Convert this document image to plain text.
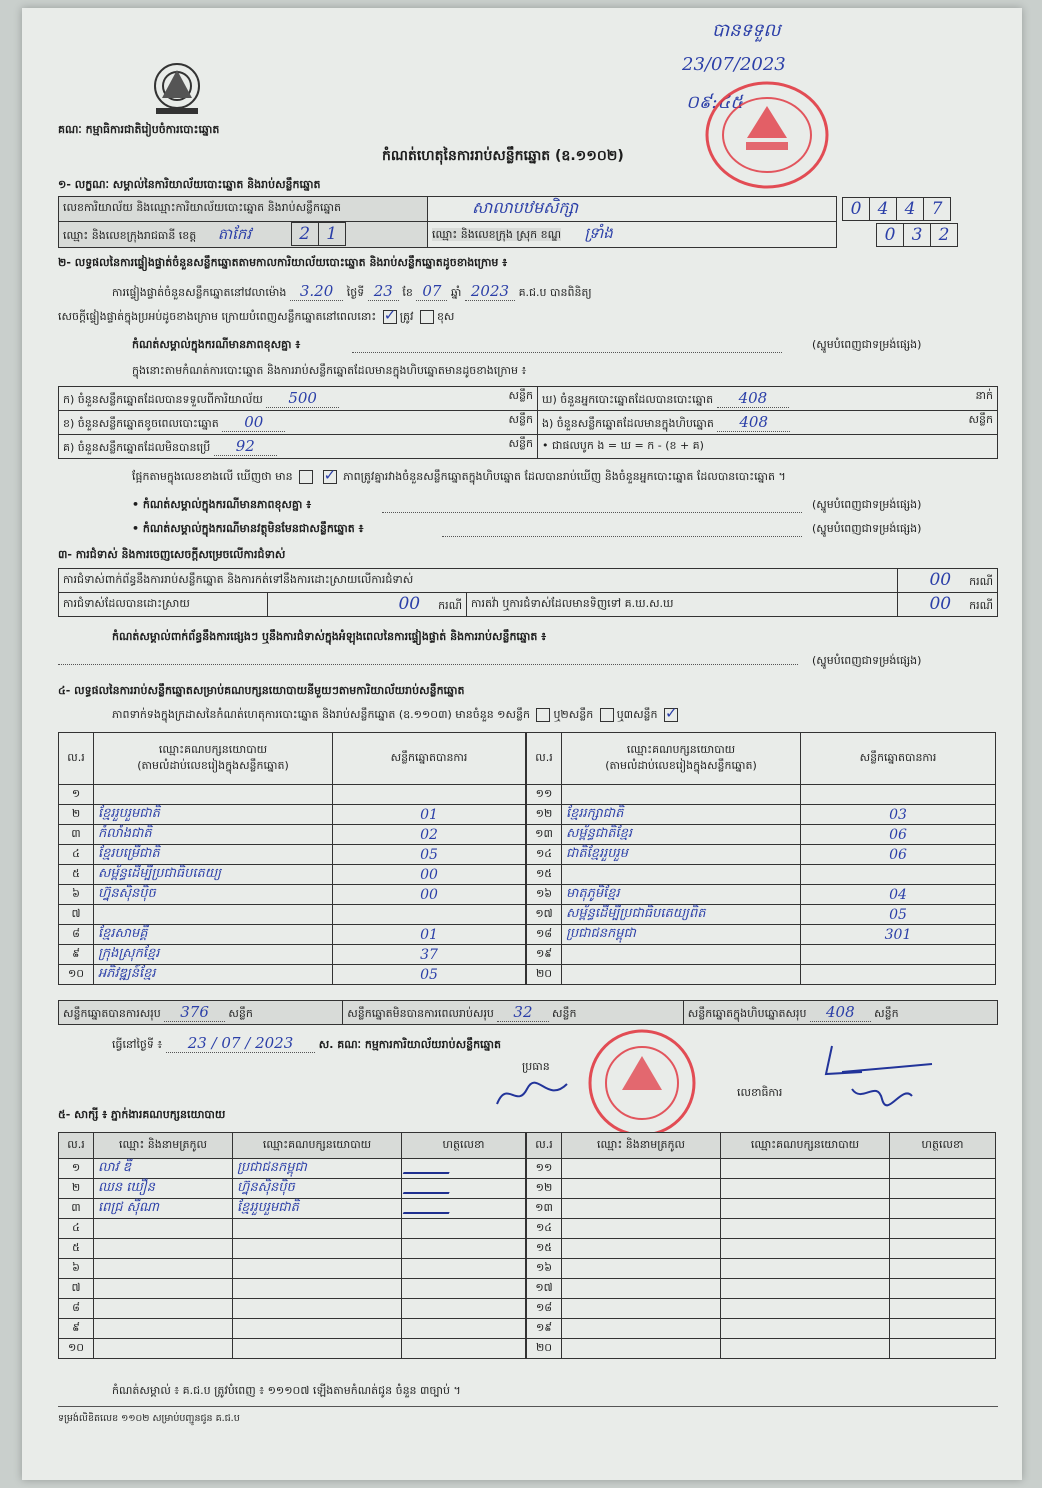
គណៈ កម្មាធិការជាតិរៀបចំការបោះឆ្នោត
បានទទួល
23/07/2023
០៩:៤៥
កំណត់ហេតុនៃការរាប់សន្លឹកឆ្នោត (ឧ.១១០២)
១- លក្ខណៈ សម្គាល់នៃការិយាល័យបោះឆ្នោត និងរាប់សន្លឹកឆ្នោត
លេខការិយាល័យ និងឈ្មោះការិយាល័យបោះឆ្នោត និងរាប់សន្លឹកឆ្នោត	សាលាបឋមសិក្សា	0 4 4 7
ឈ្មោះ និងលេខក្រុងរាជធានី ខេត្ត តាកែវ 2 1	ឈ្មោះ និងលេខក្រុង ស្រុក ខណ្ឌ ទ្រាំង	0 3 2
២- លទ្ធផលនៃការផ្ទៀងផ្ទាត់ចំនួនសន្លឹកឆ្នោតតាមកាលការិយាល័យបោះឆ្នោត និងរាប់សន្លឹកឆ្នោតដូចខាងក្រោម ៖
ការផ្ទៀងផ្ទាត់ចំនួនសន្លឹកឆ្នោតនៅវេលាម៉ោង 3.20 ថ្ងៃទី 23 ខែ 07 ឆ្នាំ 2023 គ.ជ.ប បានពិនិត្យ
សេចក្តីផ្ទៀងផ្ទាត់ក្នុងប្រអប់ដូចខាងក្រោម ក្រោយបំពេញសន្លឹកឆ្នោតនៅពេលនោះ ✓ ត្រូវ ខុស
កំណត់សម្គាល់ក្នុងករណីមានភាពខុសគ្នា ៖	(ស្នូមបំពេញជាទម្រង់ផ្សេង)
ក្នុងនោះតាមកំណត់ការបោះឆ្នោត និងការរាប់សន្លឹកឆ្នោតដែលមានក្នុងហិបឆ្នោតមានដូចខាងក្រោម ៖
ក) ចំនួនសន្លឹកឆ្នោតដែលបានទទួលពីការិយាល័យ 500 សន្លឹក	ឃ) ចំនួនអ្នកបោះឆ្នោតដែលបានបោះឆ្នោត 408 នាក់

ខ) ចំនួនសន្លឹកឆ្នោតខូចពេលបោះឆ្នោត 00 សន្លឹក	ង) ចំនួនសន្លឹកឆ្នោតដែលមានក្នុងហិបឆ្នោត 408 សន្លឹក

គ) ចំនួនសន្លឹកឆ្នោតដែលមិនបានប្រើ 92 សន្លឹក	• ជាផលបូក ង = ឃ = ក - (ខ + គ)
ផ្អែកតាមក្នុងលេខខាងលើ ឃើញថា មាន ✓	ភាពត្រូវគ្នារវាងចំនួនសន្លឹកឆ្នោតក្នុងហិបឆ្នោត ដែលបានរាប់ឃើញ និងចំនួនអ្នកបោះឆ្នោត ដែលបានបោះឆ្នោត ។
• កំណត់សម្គាល់ក្នុងករណីមានភាពខុសគ្នា ៖	(ស្នូមបំពេញជាទម្រង់ផ្សេង)
• កំណត់សម្គាល់ក្នុងករណីមានវត្ថុមិនមែនជាសន្លឹកឆ្នោត ៖	(ស្នូមបំពេញជាទម្រង់ផ្សេង)
៣- ការជំទាស់ និងការចេញសេចក្តីសម្រេចលើការជំទាស់
ការជំទាស់ពាក់ព័ន្ធនឹងការរាប់សន្លឹកឆ្នោត និងការកត់ទៅនឹងការដោះស្រាយលើការជំទាស់			00 ករណី
ការជំទាស់ដែលបានដោះស្រាយ	00 ករណី	ការតវ៉ា ឬការជំទាស់ដែលមានទិញទៅ គ.ឃ.ស.ឃ	00 ករណី
កំណត់សម្គាល់ពាក់ព័ន្ធនឹងការផ្សេងៗ ឬនឹងការជំទាស់ក្នុងអំឡុងពេលនៃការផ្ទៀងផ្ទាត់ និងការរាប់សន្លឹកឆ្នោត ៖
(ស្នូមបំពេញជាទម្រង់ផ្សេង)
៤- លទ្ធផលនៃការរាប់សន្លឹកឆ្នោតសម្រាប់គណបក្សនយោបាយនីមួយៗតាមការិយាល័យរាប់សន្លឹកឆ្នោត
ភាពទាក់ទងក្នុងក្រដាសនៃកំណត់ហេតុការបោះឆ្នោត និងរាប់សន្លឹកឆ្នោត (ឧ.១១០៣) មានចំនួន ១សន្លឹក ឬ២សន្លឹក ឬ៣សន្លឹក ✓
ល.រ	ឈ្មោះគណបក្សនយោបាយ
(តាមលំដាប់លេខរៀងក្នុងសន្លឹកឆ្នោត)	សន្លឹកឆ្នោតបានការ
១		
២	ខ្មែររួបរួមជាតិ	01
៣	កំលាំងជាតិ	02
៤	ខ្មែរបម្រើជាតិ	05
៥	សម្ព័ន្ធដើម្បីប្រជាធិបតេយ្យ	00
៦	ហ្វ៊ុនស៊ិនប៉ិច	00
៧		
៨	ខ្មែរសាមគ្គី	01
៩	ក្រុងស្រុកខ្មែរ	37
១០	អភិវឌ្ឍន៍ខ្មែរ	05
ល.រ	ឈ្មោះគណបក្សនយោបាយ
(តាមលំដាប់លេខរៀងក្នុងសន្លឹកឆ្នោត)	សន្លឹកឆ្នោតបានការ
១១		
១២	ខ្មែររក្សាជាតិ	03
១៣	សម្ព័ន្ធជាតិខ្មែរ	06
១៤	ជាតិខ្មែររួបរួម	06
១៥		
១៦	មាតុភូមិខ្មែរ	04
១៧	សម្ព័ន្ធដើម្បីប្រជាធិបតេយ្យពិត	05
១៨	ប្រជាជនកម្ពុជា	301
១៩		
២០		
សន្លឹកឆ្នោតបានការសរុប 376 សន្លឹក	សន្លឹកឆ្នោតមិនបានការពេលរាប់សរុប 32 សន្លឹក	សន្លឹកឆ្នោតក្នុងហិបឆ្នោតសរុប 408 សន្លឹក
ធ្វើនៅថ្ងៃទី ៖ 23 / 07 / 2023 ស. គណៈ កម្មការការិយាល័យរាប់សន្លឹកឆ្នោត
ប្រធាន
លេខាធិការ
៥- សាក្សី ៖ ភ្នាក់ងារគណបក្សនយោបាយ
ល.រ	ឈ្មោះ និងនាមត្រកូល	ឈ្មោះគណបក្សនយោបាយ	ហត្ថលេខា
១	លាវ ឌី	ប្រជាជនកម្ពុជា	
២	ឈន ឃឿន	ហ្វ៊ុនស៊ិនប៉ិច	
៣	ពេជ្រ ស៊ីណា	ខ្មែររួបរួមជាតិ	
៤			
៥			
៦			
៧			
៨			
៩			
១០			
ល.រ	ឈ្មោះ និងនាមត្រកូល	ឈ្មោះគណបក្សនយោបាយ	ហត្ថលេខា
១១			
១២			
១៣			
១៤			
១៥			
១៦			
១៧			
១៨			
១៩			
២០			
កំណត់សម្គាល់ ៖ គ.ជ.ប ត្រូវបំពេញ ៖ ១១១០៧ ឡើងតាមកំណត់ជូន ចំនួន ៣ច្បាប់ ។
ទម្រង់លិខិតលេខ ១១០២ សម្រាប់បញ្ជូនជូន គ.ជ.ប
